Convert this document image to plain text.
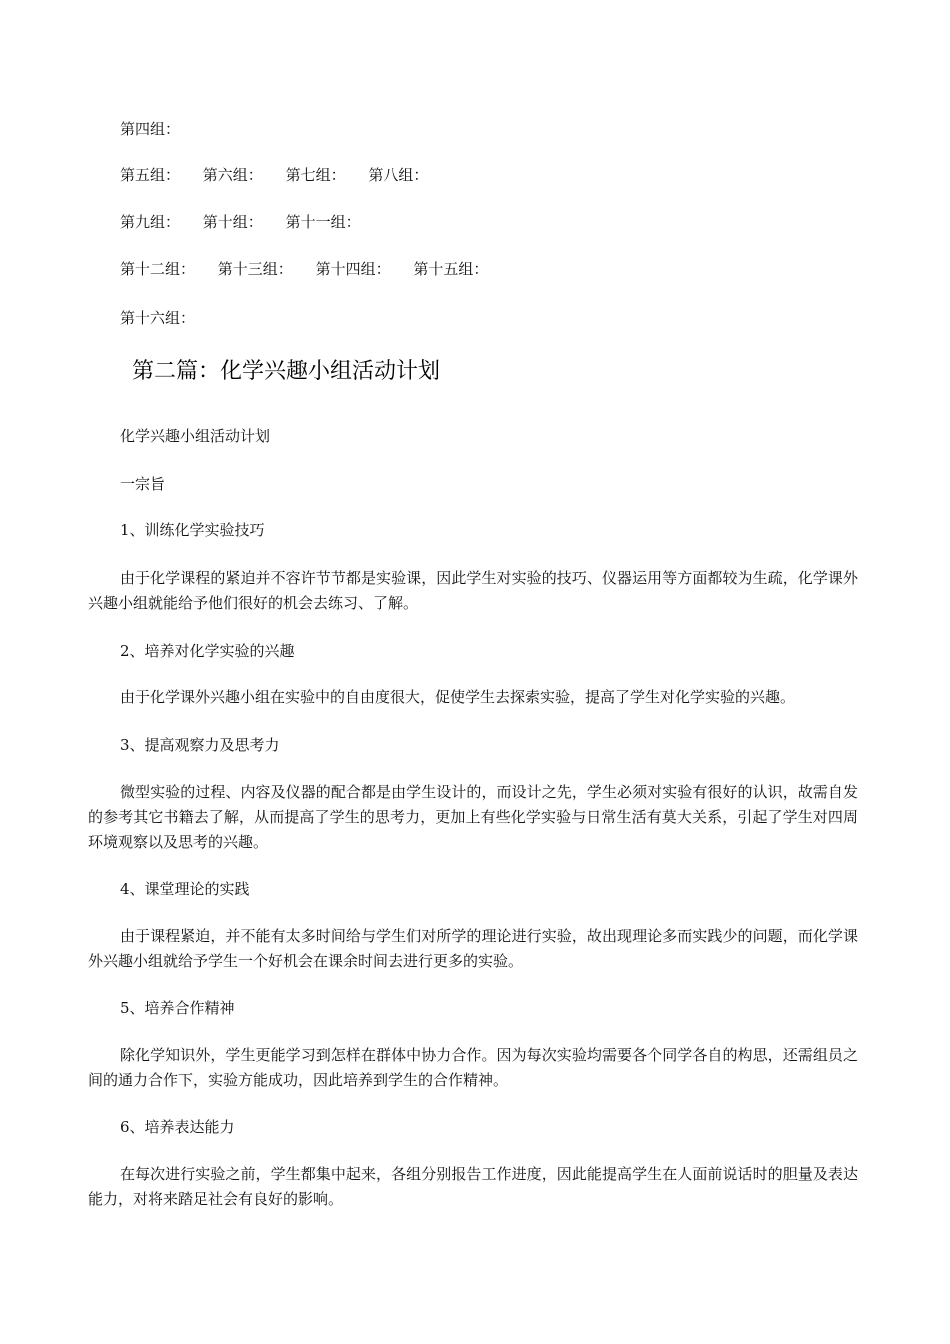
第四组：
第五组： 第六组： 第七组： 第八组：
第九组： 第十组： 第十一组：
第十二组： 第十三组： 第十四组： 第十五组：
第十六组：
第二篇：化学兴趣小组活动计划
化学兴趣小组活动计划
一宗旨
1、训练化学实验技巧
由于化学课程的紧迫并不容许节节都是实验课，因此学生对实验的技巧、仪器运用等方面都较为生疏，化学课外兴趣小组就能给予他们很好的机会去练习、了解。
2、培养对化学实验的兴趣
由于化学课外兴趣小组在实验中的自由度很大，促使学生去探索实验，提高了学生对化学实验的兴趣。
3、提高观察力及思考力
微型实验的过程、内容及仪器的配合都是由学生设计的，而设计之先，学生必须对实验有很好的认识，故需自发的参考其它书籍去了解，从而提高了学生的思考力，更加上有些化学实验与日常生活有莫大关系，引起了学生对四周环境观察以及思考的兴趣。
4、课堂理论的实践
由于课程紧迫，并不能有太多时间给与学生们对所学的理论进行实验，故出现理论多而实践少的问题，而化学课外兴趣小组就给予学生一个好机会在课余时间去进行更多的实验。
5、培养合作精神
除化学知识外，学生更能学习到怎样在群体中协力合作。因为每次实验均需要各个同学各自的构思，还需组员之间的通力合作下，实验方能成功，因此培养到学生的合作精神。
6、培养表达能力
在每次进行实验之前，学生都集中起来，各组分别报告工作进度，因此能提高学生在人面前说话时的胆量及表达能力，对将来踏足社会有良好的影响。
